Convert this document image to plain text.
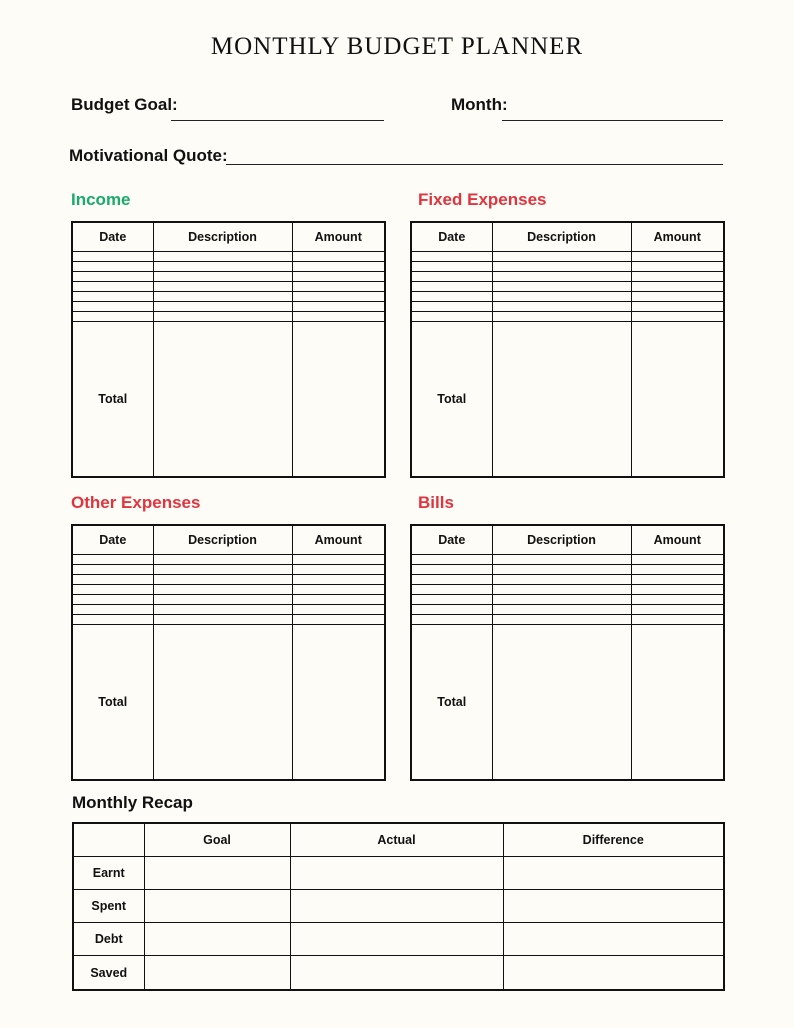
MONTHLY BUDGET PLANNER
Budget Goal:	Month:
Motivational Quote:
Income	Fixed Expenses
Other Expenses	Bills
Date	Description	Amount

Total		
Date	Description	Amount

Total		
Date	Description	Amount

Total		
Date	Description	Amount

Total		
Monthly Recap
	Goal	Actual	Difference
Earnt			
Spent			
Debt			
Saved			
